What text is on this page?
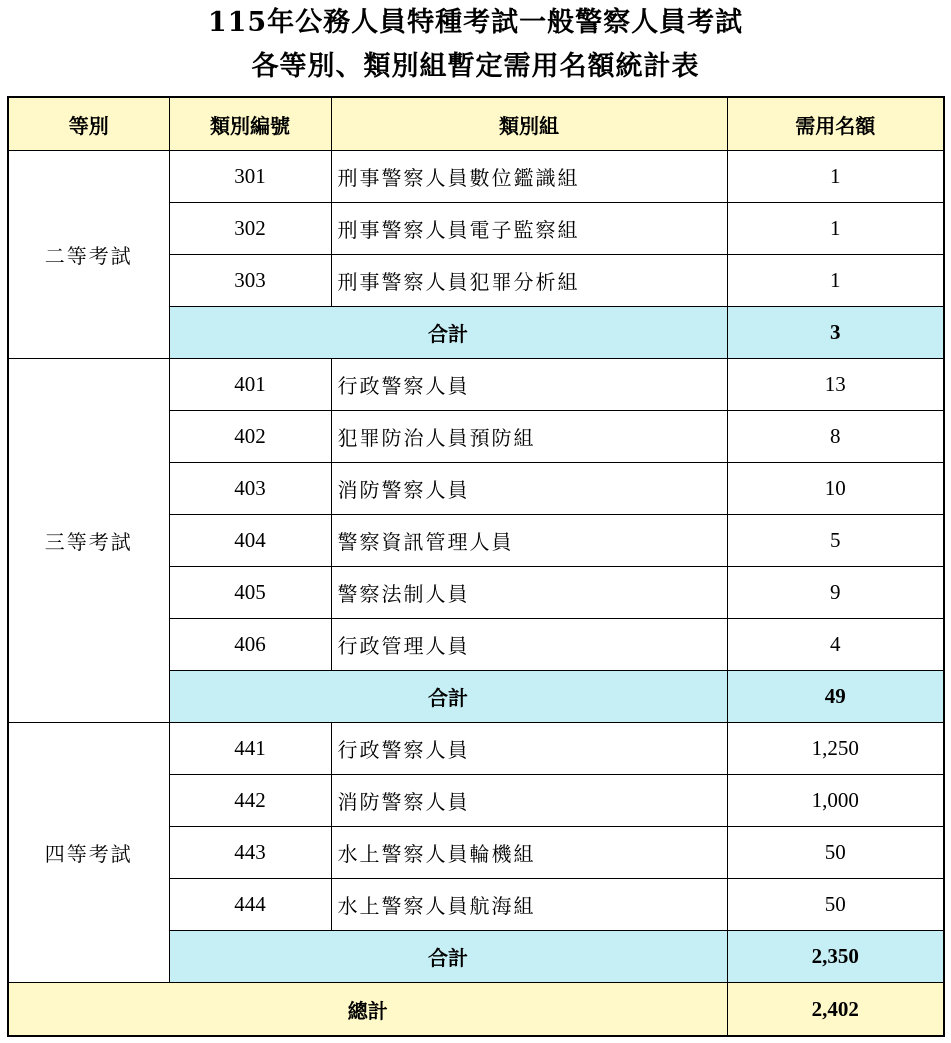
115年公務人員特種考試一般警察人員考試
各等別、類別組暫定需用名額統計表
等別	類別編號	類別組	需用名額
二等考試	301	刑事警察人員數位鑑識組	1
	302	刑事警察人員電子監察組	1
	303	刑事警察人員犯罪分析組	1
	合計		3
三等考試	401	行政警察人員	13
	402	犯罪防治人員預防組	8
	403	消防警察人員	10
	404	警察資訊管理人員	5
	405	警察法制人員	9
	406	行政管理人員	4
	合計		49
四等考試	441	行政警察人員	1,250
	442	消防警察人員	1,000
	443	水上警察人員輪機組	50
	444	水上警察人員航海組	50
	合計		2,350
總計			2,402
